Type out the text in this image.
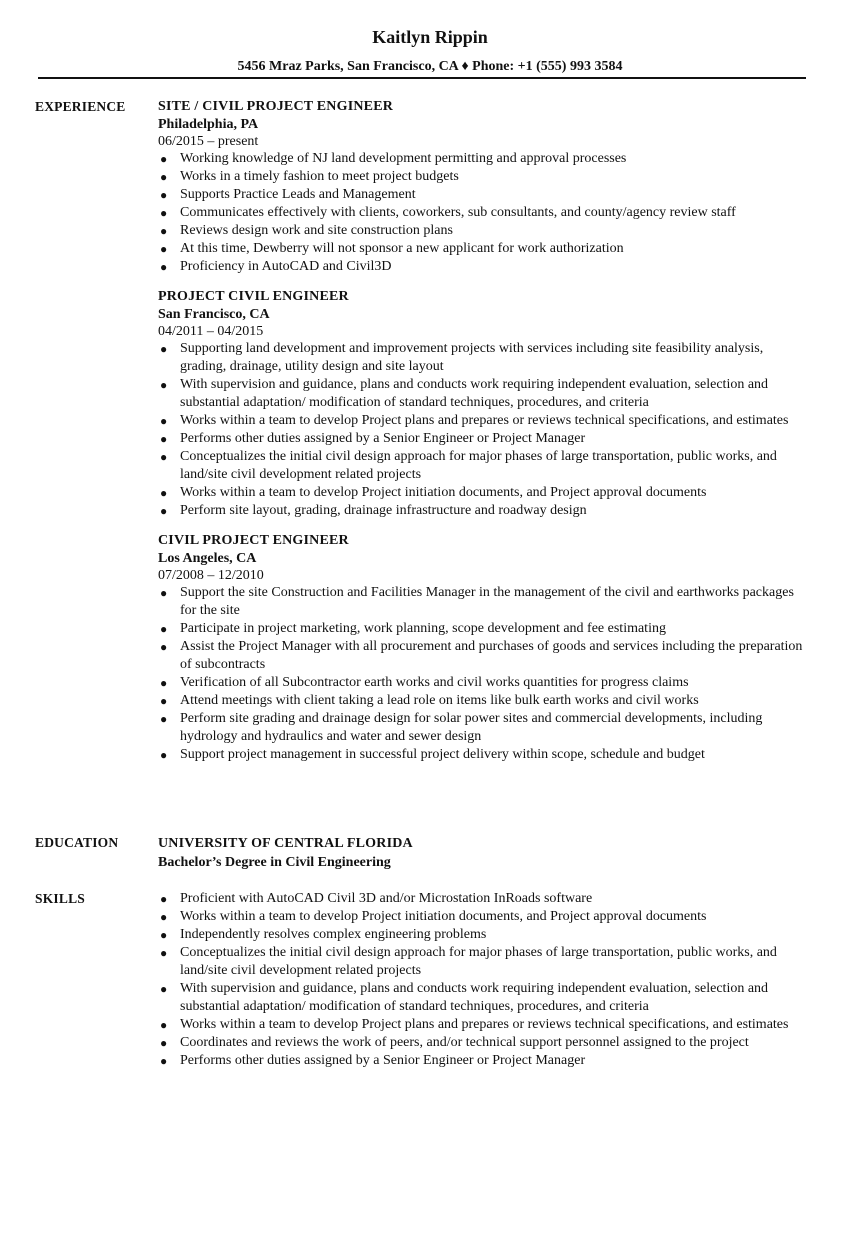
Kaitlyn Rippin
5456 Mraz Parks, San Francisco, CA ♦ Phone: +1 (555) 993 3584
EXPERIENCE SITE / CIVIL PROJECT ENGINEER
Philadelphia, PA
06/2015 – present
● Working knowledge of NJ land development permitting and approval processes
● Works in a timely fashion to meet project budgets
● Supports Practice Leads and Management
● Communicates effectively with clients, coworkers, sub consultants, and county/agency review staff
● Reviews design work and site construction plans
● At this time, Dewberry will not sponsor a new applicant for work authorization
● Proficiency in AutoCAD and Civil3D
PROJECT CIVIL ENGINEER
San Francisco, CA
04/2011 – 04/2015
● Supporting land development and improvement projects with services including site feasibility analysis, grading, drainage, utility design and site layout
● With supervision and guidance, plans and conducts work requiring independent evaluation, selection and substantial adaptation/ modification of standard techniques, procedures, and criteria
● Works within a team to develop Project plans and prepares or reviews technical specifications, and estimates
● Performs other duties assigned by a Senior Engineer or Project Manager
● Conceptualizes the initial civil design approach for major phases of large transportation, public works, and land/site civil development related projects
● Works within a team to develop Project initiation documents, and Project approval documents
● Perform site layout, grading, drainage infrastructure and roadway design
CIVIL PROJECT ENGINEER
Los Angeles, CA
07/2008 – 12/2010
● Support the site Construction and Facilities Manager in the management of the civil and earthworks packages for the site
● Participate in project marketing, work planning, scope development and fee estimating
● Assist the Project Manager with all procurement and purchases of goods and services including the preparation of subcontracts
● Verification of all Subcontractor earth works and civil works quantities for progress claims
● Attend meetings with client taking a lead role on items like bulk earth works and civil works
● Perform site grading and drainage design for solar power sites and commercial developments, including hydrology and hydraulics and water and sewer design
● Support project management in successful project delivery within scope, schedule and budget
EDUCATION	UNIVERSITY OF CENTRAL FLORIDA
Bachelor’s Degree in Civil Engineering
SKILLS	● Proficient with AutoCAD Civil 3D and/or Microstation InRoads software
● Works within a team to develop Project initiation documents, and Project approval documents
● Independently resolves complex engineering problems
● Conceptualizes the initial civil design approach for major phases of large transportation, public works, and land/site civil development related projects
● With supervision and guidance, plans and conducts work requiring independent evaluation, selection and substantial adaptation/ modification of standard techniques, procedures, and criteria
● Works within a team to develop Project plans and prepares or reviews technical specifications, and estimates
● Coordinates and reviews the work of peers, and/or technical support personnel assigned to the project
● Performs other duties assigned by a Senior Engineer or Project Manager
